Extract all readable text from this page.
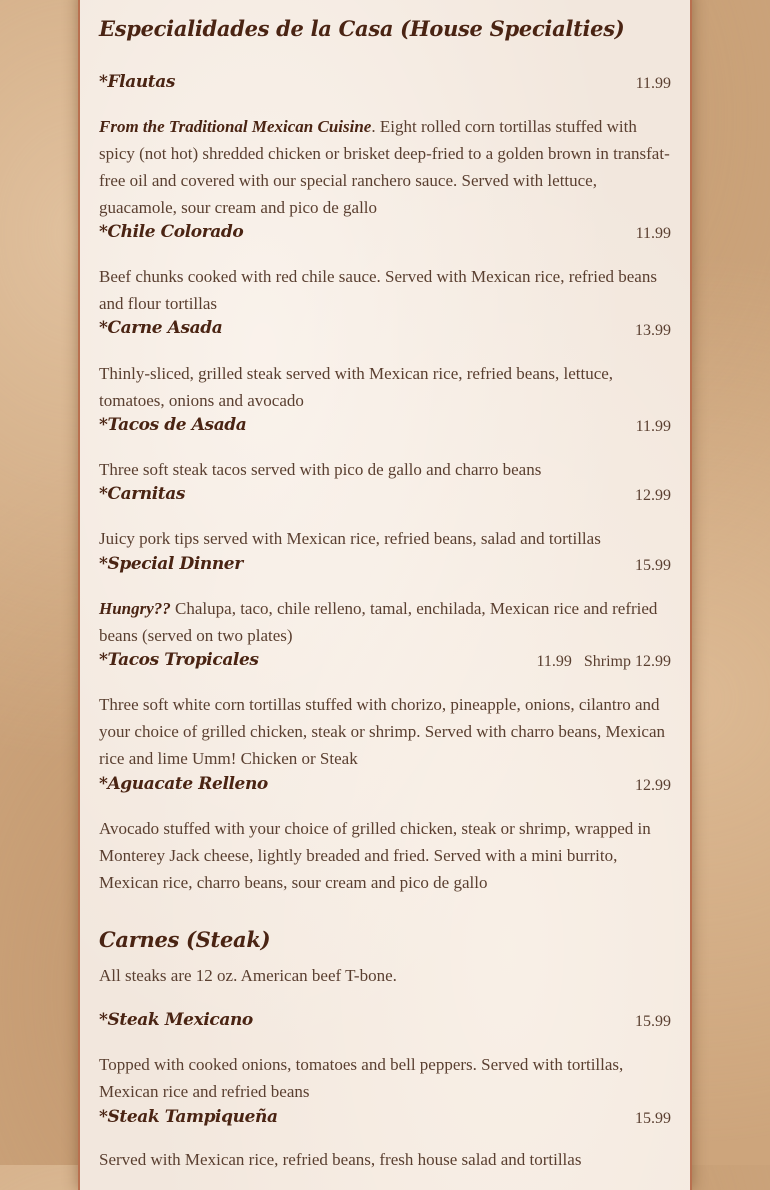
Especialidades de la Casa (House Specialties)
*Flautas	11.99

From the Traditional Mexican Cuisine. Eight rolled corn tortillas stuffed with spicy (not hot) shredded chicken or brisket deep-fried to a golden brown in transfat-free oil and covered with our special ranchero sauce. Served with lettuce, guacamole, sour cream and pico de gallo

*Chile Colorado	11.99

Beef chunks cooked with red chile sauce. Served with Mexican rice, refried beans and flour tortillas

*Carne Asada	13.99

Thinly-sliced, grilled steak served with Mexican rice, refried beans, lettuce, tomatoes, onions and avocado

*Tacos de Asada	11.99

Three soft steak tacos served with pico de gallo and charro beans

*Carnitas	12.99

Juicy pork tips served with Mexican rice, refried beans, salad and tortillas

*Special Dinner	15.99

Hungry?? Chalupa, taco, chile relleno, tamal, enchilada, Mexican rice and refried beans (served on two plates)

*Tacos Tropicales	11.99   Shrimp 12.99

Three soft white corn tortillas stuffed with chorizo, pineapple, onions, cilantro and your choice of grilled chicken, steak or shrimp. Served with charro beans, Mexican rice and lime Umm! Chicken or Steak

*Aguacate Relleno	12.99

Avocado stuffed with your choice of grilled chicken, steak or shrimp, wrapped in Monterey Jack cheese, lightly breaded and fried. Served with a mini burrito, Mexican rice, charro beans, sour cream and pico de gallo

Carnes (Steak)

All steaks are 12 oz. American beef T-bone.

*Steak Mexicano	15.99

Topped with cooked onions, tomatoes and bell peppers. Served with tortillas, Mexican rice and refried beans

*Steak Tampiqueña	15.99

Served with Mexican rice, refried beans, fresh house salad and tortillas
